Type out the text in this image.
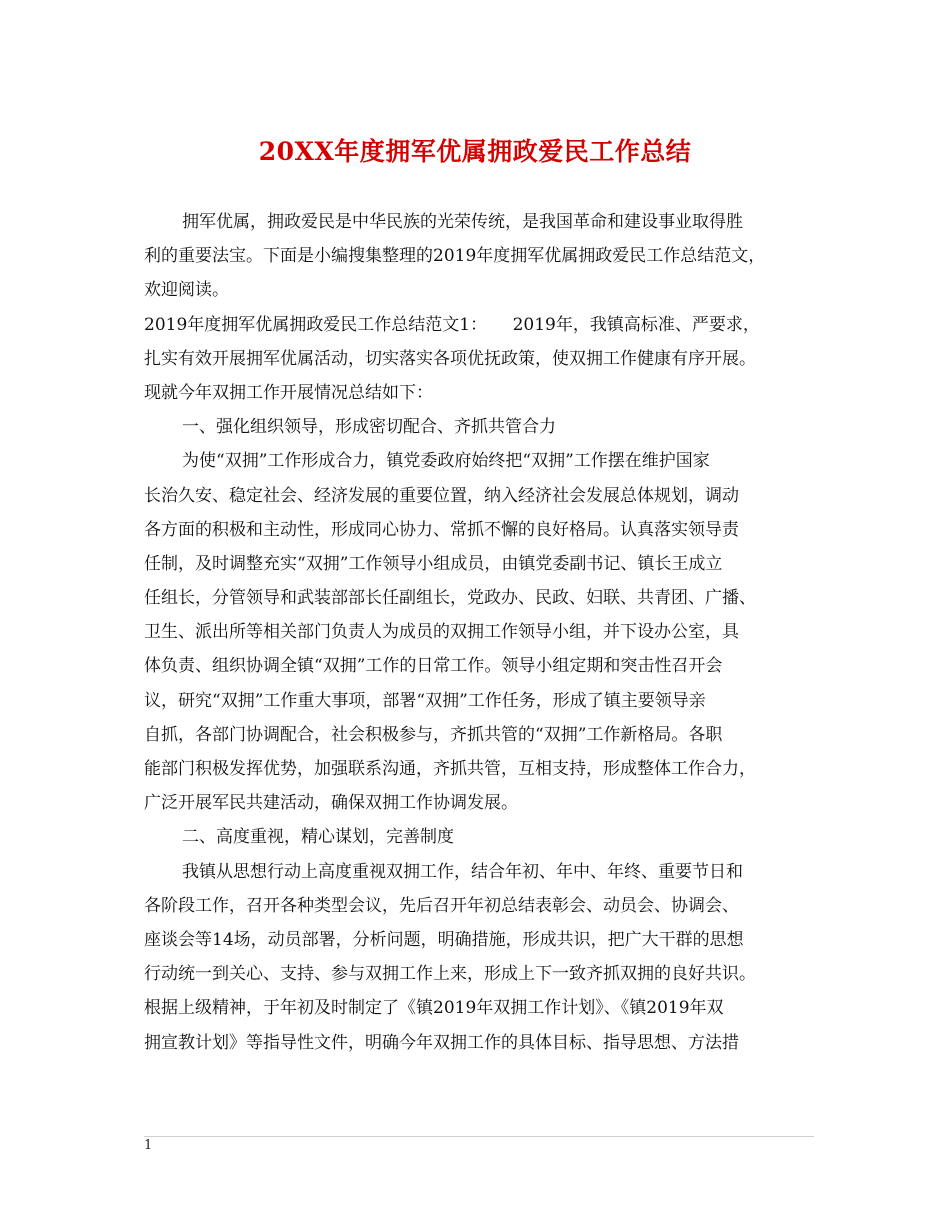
20XX年度拥军优属拥政爱民工作总结

拥军优属，拥政爱民是中华民族的光荣传统，是我国革命和建设事业取得胜

利的重要法宝。下面是小编搜集整理的2019年度拥军优属拥政爱民工作总结范文，

欢迎阅读。

2019年度拥军优属拥政爱民工作总结范文1：　　2019年，我镇高标准、严要求，

扎实有效开展拥军优属活动，切实落实各项优抚政策，使双拥工作健康有序开展。

现就今年双拥工作开展情况总结如下：

一、强化组织领导，形成密切配合、齐抓共管合力

为使“双拥”工作形成合力，镇党委政府始终把“双拥”工作摆在维护国家

长治久安、稳定社会、经济发展的重要位置，纳入经济社会发展总体规划，调动

各方面的积极和主动性，形成同心协力、常抓不懈的良好格局。认真落实领导责

任制，及时调整充实“双拥”工作领导小组成员，由镇党委副书记、镇长王成立

任组长，分管领导和武装部部长任副组长，党政办、民政、妇联、共青团、广播、

卫生、派出所等相关部门负责人为成员的双拥工作领导小组，并下设办公室，具

体负责、组织协调全镇“双拥”工作的日常工作。领导小组定期和突击性召开会

议，研究“双拥”工作重大事项，部署“双拥”工作任务，形成了镇主要领导亲

自抓，各部门协调配合，社会积极参与，齐抓共管的“双拥”工作新格局。各职

能部门积极发挥优势，加强联系沟通，齐抓共管，互相支持，形成整体工作合力，

广泛开展军民共建活动，确保双拥工作协调发展。

二、高度重视，精心谋划，完善制度

我镇从思想行动上高度重视双拥工作，结合年初、年中、年终、重要节日和

各阶段工作，召开各种类型会议，先后召开年初总结表彰会、动员会、协调会、

座谈会等14场，动员部署，分析问题，明确措施，形成共识，把广大干群的思想

行动统一到关心、支持、参与双拥工作上来，形成上下一致齐抓双拥的良好共识。

根据上级精神，于年初及时制定了《镇2019年双拥工作计划》、《镇2019年双

拥宣教计划》等指导性文件，明确今年双拥工作的具体目标、指导思想、方法措

1
